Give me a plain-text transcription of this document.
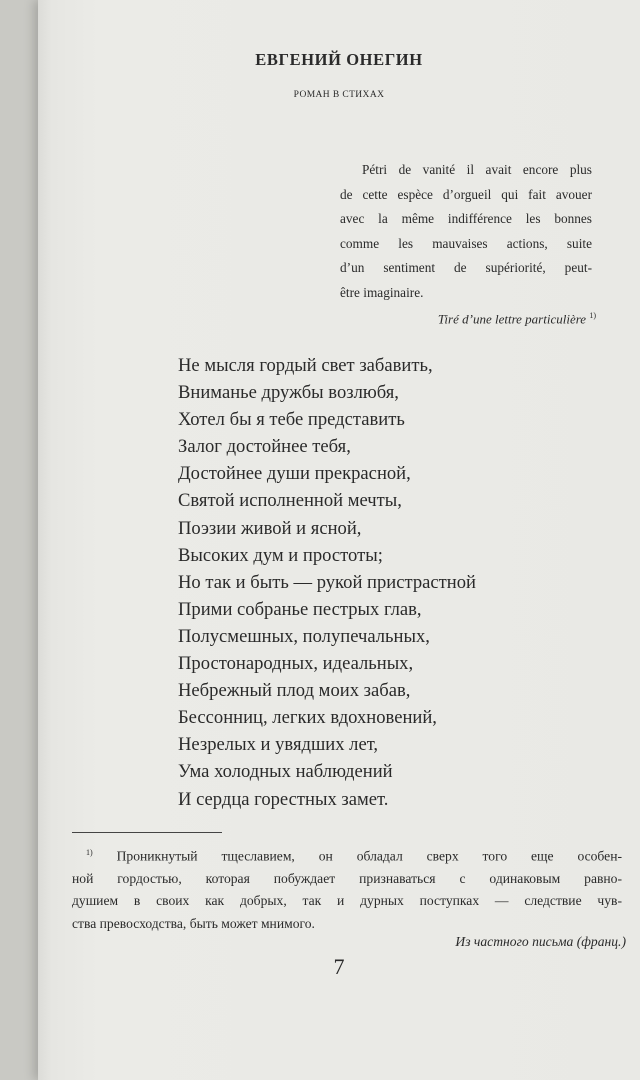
ЕВГЕНИЙ ОНЕГИН
РОМАН В СТИХАХ
Pétri de vanité il avait encore plus
de cette espèce d’orgueil qui fait avouer
avec la même indifférence les bonnes
comme les mauvaises actions, suite
d’un sentiment de supériorité, peut-
être imaginaire.
Tiré d’une lettre particulière $^{1)}$
Не мысля гордый свет забавить,
Вниманье дружбы возлюбя,
Хотел бы я тебе представить
Залог достойнее тебя,
Достойнее души прекрасной,
Святой исполненной мечты,
Поэзии живой и ясной,
Высоких дум и простоты;
Но так и быть — рукой пристрастной
Прими собранье пестрых глав,
Полусмешных, полупечальных,
Простонародных, идеальных,
Небрежный плод моих забав,
Бессонниц, легких вдохновений,
Незрелых и увядших лет,
Ума холодных наблюдений
И сердца горестных замет.
$^{1)}$ Проникнутый тщеславием, он обладал сверх того еще особен-
ной гордостью, которая побуждает признаваться с одинаковым равно-
душием в своих как добрых, так и дурных поступках — следствие чув-
ства превосходства, быть может мнимого.
Из частного письма (франц.)
7
